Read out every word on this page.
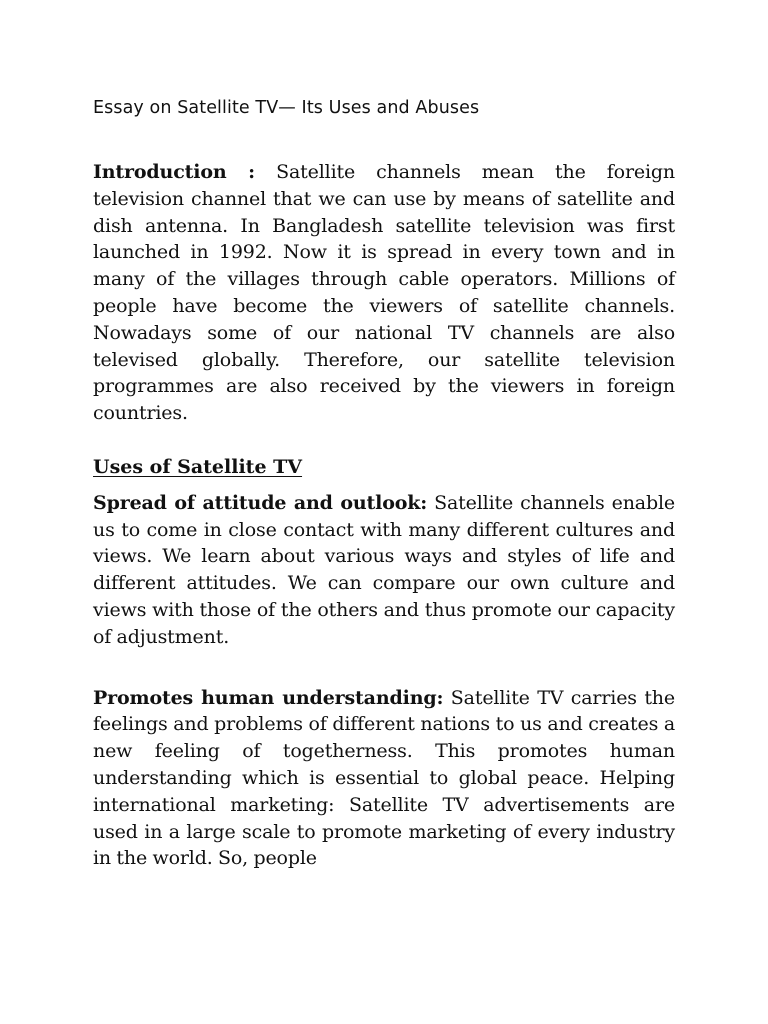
Essay on Satellite TV— Its Uses and Abuses

Introduction : Satellite channels mean the foreign television channel that we can use by means of satellite and dish antenna. In Bangladesh satellite television was first launched in 1992. Now it is spread in every town and in many of the villages through cable operators. Millions of people have become the viewers of satellite channels. Nowadays some of our national TV channels are also televised globally. Therefore, our satellite television programmes are also received by the viewers in foreign countries.

Uses of Satellite TV

Spread of attitude and outlook: Satellite channels enable us to come in close contact with many different cultures and views. We learn about various ways and styles of life and different attitudes. We can compare our own culture and views with those of the others and thus promote our capacity of adjustment.

Promotes human understanding: Satellite TV carries the feelings and problems of different nations to us and creates a new feeling of togetherness. This promotes human understanding which is essential to global peace. Helping international marketing: Satellite TV advertisements are used in a large scale to promote marketing of every industry in the world. So, people
